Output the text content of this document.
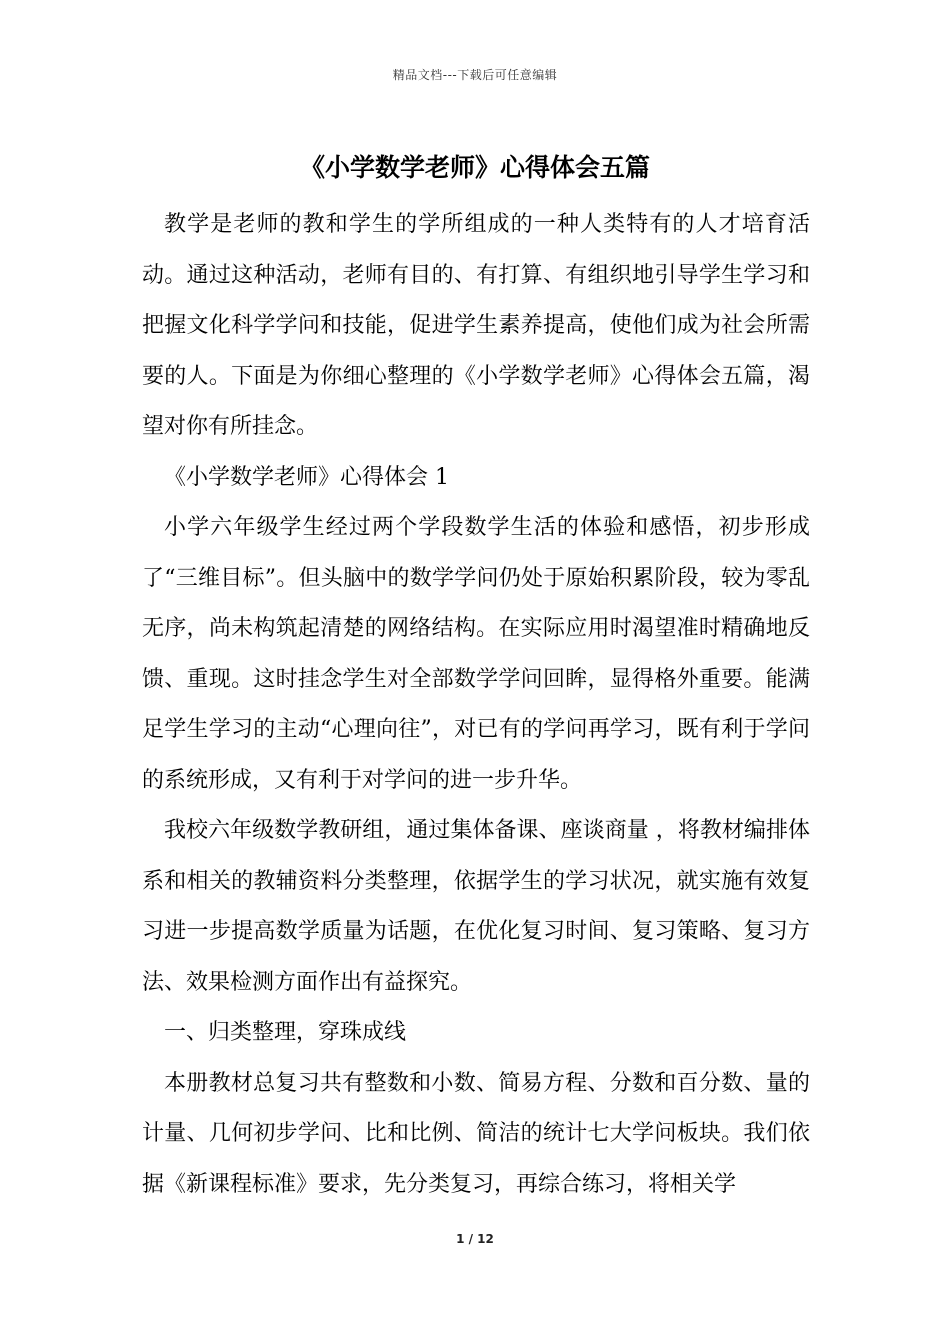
精品文档---下载后可任意编辑
《小学数学老师》心得体会五篇

教学是老师的教和学生的学所组成的一种人类特有的人才培育活动。通过这种活动，老师有目的、有打算、有组织地引导学生学习和把握文化科学学问和技能，促进学生素养提高，使他们成为社会所需要的人。下面是为你细心整理的《小学数学老师》心得体会五篇，渴望对你有所挂念。

《小学数学老师》心得体会 1

小学六年级学生经过两个学段数学生活的体验和感悟，初步形成了“三维目标”。但头脑中的数学学问仍处于原始积累阶段，较为零乱无序，尚未构筑起清楚的网络结构。在实际应用时渴望准时精确地反馈、重现。这时挂念学生对全部数学学问回眸，显得格外重要。能满足学生学习的主动“心理向往”，对已有的学问再学习，既有利于学问的系统形成，又有利于对学问的进一步升华。

我校六年级数学教研组，通过集体备课、座谈商量 ，将教材编排体系和相关的教辅资料分类整理，依据学生的学习状况，就实施有效复习进一步提高数学质量为话题，在优化复习时间、复习策略、复习方法、效果检测方面作出有益探究。

一、归类整理，穿珠成线

本册教材总复习共有整数和小数、简易方程、分数和百分数、量的计量、几何初步学问、比和比例、简洁的统计七大学问板块。我们依据《新课程标准》要求，先分类复习，再综合练习，将相关学

1 / 12
